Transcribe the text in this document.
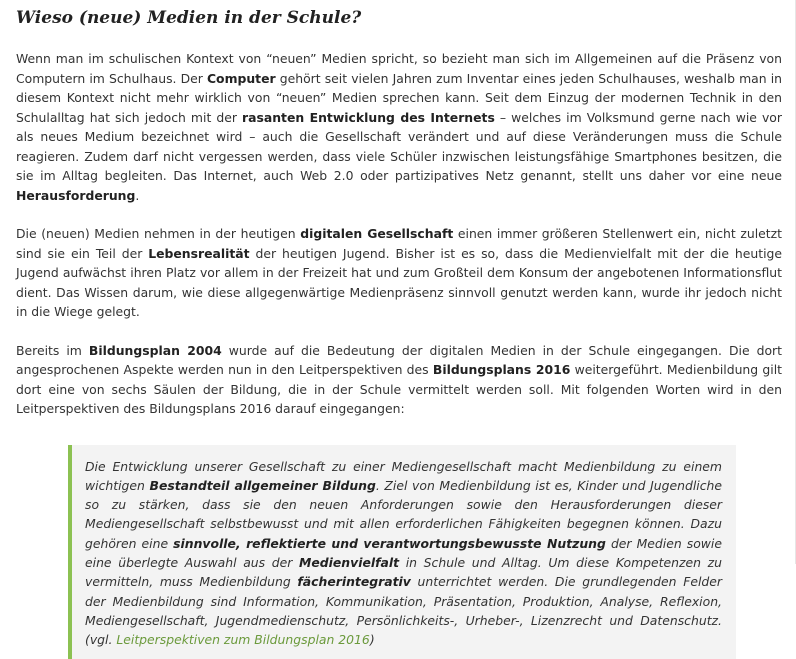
Wieso (neue) Medien in der Schule?

Wenn man im schulischen Kontext von “neuen” Medien spricht, so bezieht man sich im Allgemeinen auf die Präsenz von Computern im Schulhaus. Der Computer gehört seit vielen Jahren zum Inventar eines jeden Schulhauses, weshalb man in diesem Kontext nicht mehr wirklich von “neuen” Medien sprechen kann. Seit dem Einzug der modernen Technik in den Schulalltag hat sich jedoch mit der rasanten Entwicklung des Internets – welches im Volksmund gerne nach wie vor als neues Medium bezeichnet wird – auch die Gesellschaft verändert und auf diese Veränderungen muss die Schule reagieren. Zudem darf nicht vergessen werden, dass viele Schüler inzwischen leistungsfähige Smartphones besitzen, die sie im Alltag begleiten. Das Internet, auch Web 2.0 oder partizipatives Netz genannt, stellt uns daher vor eine neue Herausforderung.

Die (neuen) Medien nehmen in der heutigen digitalen Gesellschaft einen immer größeren Stellenwert ein, nicht zuletzt sind sie ein Teil der Lebensrealität der heutigen Jugend. Bisher ist es so, dass die Medienvielfalt mit der die heutige Jugend aufwächst ihren Platz vor allem in der Freizeit hat und zum Großteil dem Konsum der angebotenen Informationsflut dient. Das Wissen darum, wie diese allgegenwärtige Medienpräsenz sinnvoll genutzt werden kann, wurde ihr jedoch nicht in die Wiege gelegt.

Bereits im Bildungsplan 2004 wurde auf die Bedeutung der digitalen Medien in der Schule eingegangen. Die dort angesprochenen Aspekte werden nun in den Leitperspektiven des Bildungsplans 2016 weitergeführt. Medienbildung gilt dort eine von sechs Säulen der Bildung, die in der Schule vermittelt werden soll. Mit folgenden Worten wird in den Leitperspektiven des Bildungsplans 2016 darauf eingegangen:

Die Entwicklung unserer Gesellschaft zu einer Mediengesellschaft macht Medienbildung zu einem wichtigen Bestandteil allgemeiner Bildung. Ziel von Medienbildung ist es, Kinder und Jugendliche so zu stärken, dass sie den neuen Anforderungen sowie den Herausforderungen dieser Mediengesellschaft selbstbewusst und mit allen erforderlichen Fähigkeiten begegnen können. Dazu gehören eine sinnvolle, reflektierte und verantwortungsbewusste Nutzung der Medien sowie eine überlegte Auswahl aus der Medienvielfalt in Schule und Alltag. Um diese Kompetenzen zu vermitteln, muss Medienbildung fächerintegrativ unterrichtet werden. Die grundlegenden Felder der Medienbildung sind Information, Kommunikation, Präsentation, Produktion, Analyse, Reflexion, Mediengesellschaft, Jugendmedienschutz, Persönlichkeits-, Urheber-, Lizenzrecht und Datenschutz. (vgl. Leitperspektiven zum Bildungsplan 2016)
